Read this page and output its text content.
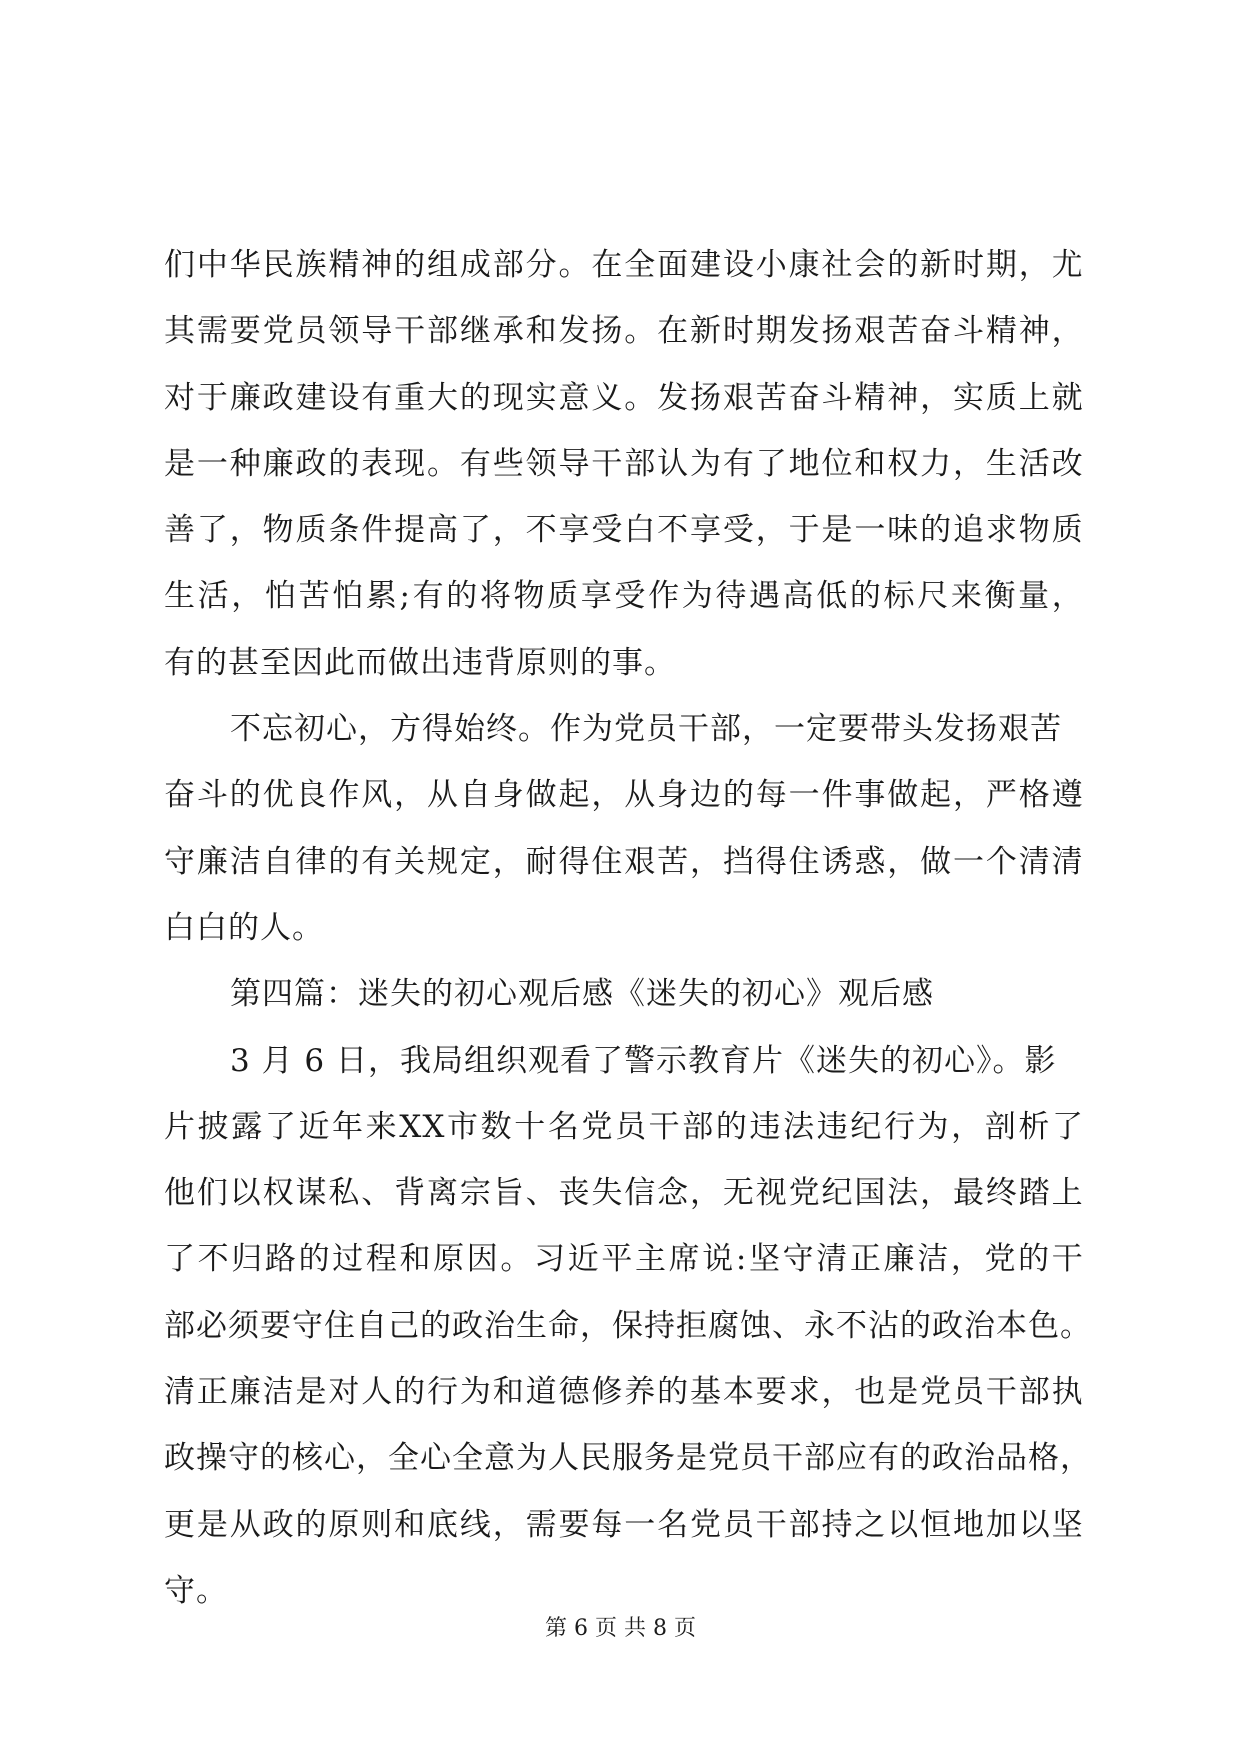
们 中 华 民 族 精 神 的 组 成 部 分 。 在 全 面 建 设 小 康 社 会 的 新 时 期 ， 尤
其 需 要 党 员 领 导 干 部 继 承 和 发 扬 。 在 新 时 期 发 扬 艰 苦 奋 斗 精 神 ，
对 于 廉 政 建 设 有 重 大 的 现 实 意 义 。 发 扬 艰 苦 奋 斗 精 神 ， 实 质 上 就
是 一 种 廉 政 的 表 现 。 有 些 领 导 干 部 认 为 有 了 地 位 和 权 力 ， 生 活 改
善 了 ， 物 质 条 件 提 高 了 ， 不 享 受 白 不 享 受 ， 于 是 一 味 的 追 求 物 质
生 活 ， 怕 苦 怕 累 ; 有 的 将 物 质 享 受 作 为 待 遇 高 低 的 标 尺 来 衡 量 ，
有的甚至因此而做出违背原则的事。
不忘初心，方得始终。作为党员干部，一定要带头发扬艰苦
奋 斗 的 优 良 作 风 ， 从 自 身 做 起 ， 从 身 边 的 每 一 件 事 做 起 ， 严 格 遵
守 廉 洁 自 律 的 有 关 规 定 ， 耐 得 住 艰 苦 ， 挡 得 住 诱 惑 ， 做 一 个 清 清
白白的人。
第四篇：迷失的初心观后感《迷失的初心》观后感
3 月 6 日，我局组织观看了警示教育片《迷失的初心》。影
片 披 露 了 近 年 来 XX 市 数 十 名 党 员 干 部 的 违 法 违 纪 行 为 ， 剖 析 了
他 们 以 权 谋 私 、 背 离 宗 旨 、 丧 失 信 念 ， 无 视 党 纪 国 法 ， 最 终 踏 上
了 不 归 路 的 过 程 和 原 因 。 习 近 平 主 席 说 : 坚 守 清 正 廉 洁 ， 党 的 干
部 必 须 要 守 住 自 己 的 政 治 生 命 ， 保 持 拒 腐 蚀 、 永 不 沾 的 政 治 本 色 。
清 正 廉 洁 是 对 人 的 行 为 和 道 德 修 养 的 基 本 要 求 ， 也 是 党 员 干 部 执
政 操 守 的 核 心 ， 全 心 全 意 为 人 民 服 务 是 党 员 干 部 应 有 的 政 治 品 格 ，
更 是 从 政 的 原 则 和 底 线 ， 需 要 每 一 名 党 员 干 部 持 之 以 恒 地 加 以 坚
守。
第 6 页 共 8 页
